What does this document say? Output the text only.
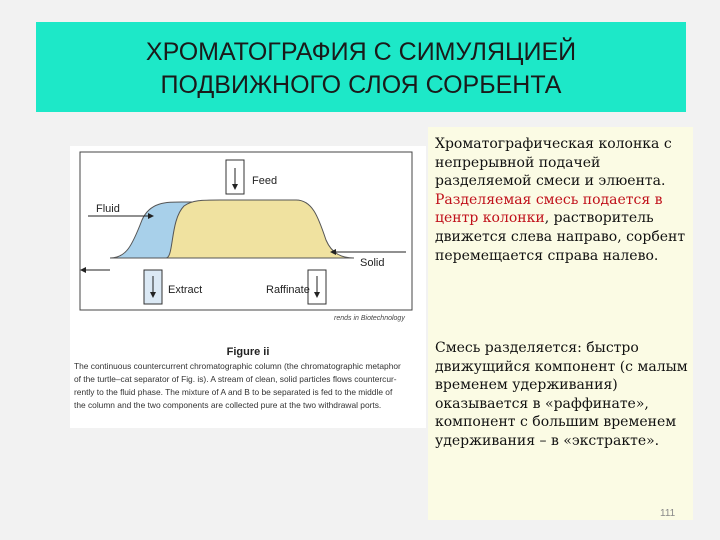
ХРОМАТОГРАФИЯ С СИМУЛЯЦИЕЙ
ПОДВИЖНОГО СЛОЯ СОРБЕНТА
Feed
Fluid
Solid
Extract	Raffinate
rends in Biotechnology
Figure ii
The continuous countercurrent chromatographic column (the chromatographic metaphor
of the turtle–cat separator of Fig. is). A stream of clean, solid particles flows countercur-
rently to the fluid phase. The mixture of A and B to be separated is fed to the middle of
the column and the two components are collected pure at the two withdrawal ports.
Хроматографическая колонка с непрерывной подачей разделяемой смеси и элюента. Разделяемая смесь подается в центр колонки, растворитель движется слева направо, сорбент перемещается справа налево.
Смесь разделяется: быстро движущийся компонент (с малым временем удерживания) оказывается в «раффинате», компонент с большим временем удерживания – в «экстракте».
111
